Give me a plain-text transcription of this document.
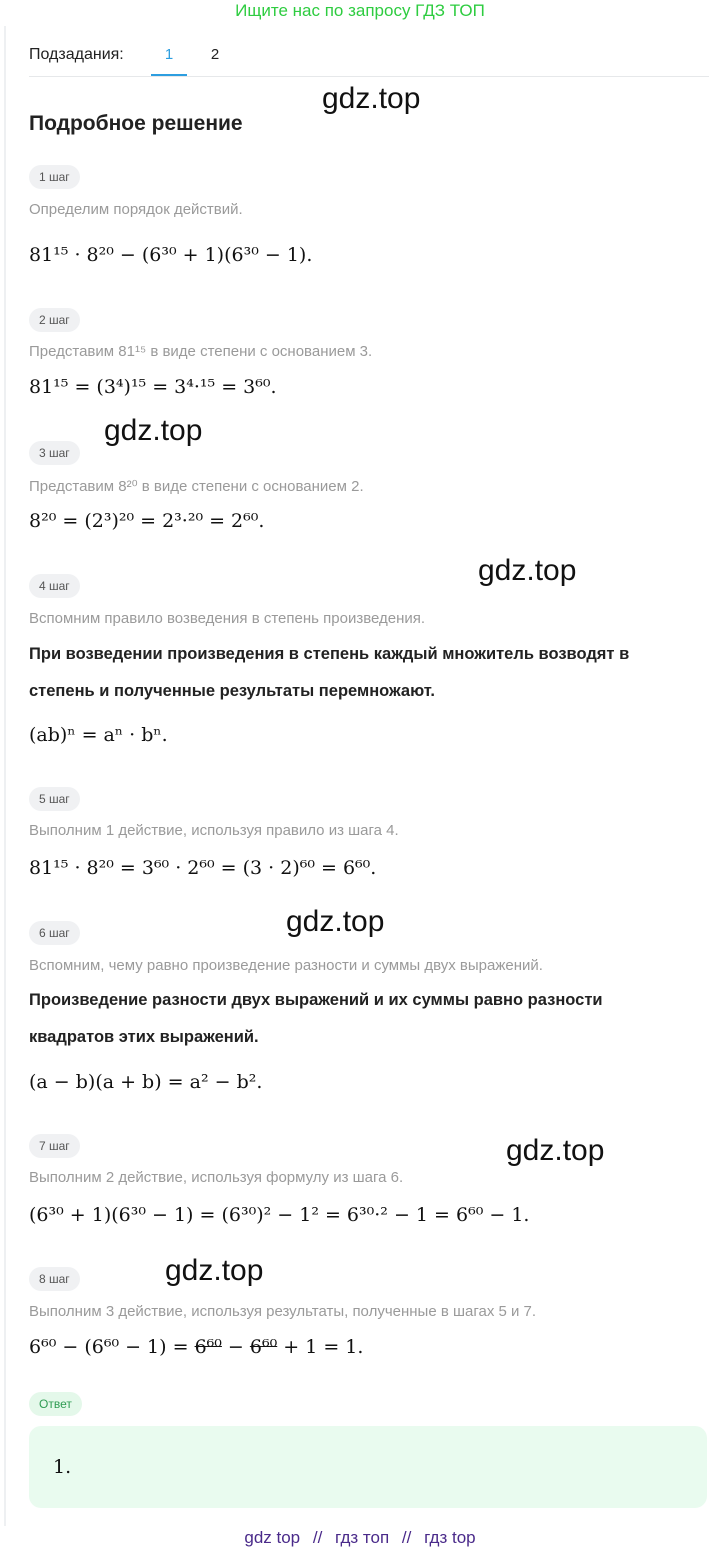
Ищите нас по запросу ГДЗ ТОП
Подзадания:	1	2
Подробное решение
gdz.top
gdz.top
gdz.top
gdz.top
gdz.top
gdz.top
1 шаг
Определим порядок действий.
81¹⁵ · 8²⁰ − (6³⁰ + 1)(6³⁰ − 1).
2 шаг
Представим 81¹⁵ в виде степени с основанием 3.
81¹⁵ = (3⁴)¹⁵ = 3⁴·¹⁵ = 3⁶⁰.
3 шаг
Представим 8²⁰ в виде степени с основанием 2.
8²⁰ = (2³)²⁰ = 2³·²⁰ = 2⁶⁰.
4 шаг
Вспомним правило возведения в степень произведения.
При возведении произведения в степень каждый множитель возводят в
степень и полученные результаты перемножают.
(ab)ⁿ = aⁿ · bⁿ.
5 шаг
Выполним 1 действие, используя правило из шага 4.
81¹⁵ · 8²⁰ = 3⁶⁰ · 2⁶⁰ = (3 · 2)⁶⁰ = 6⁶⁰.
6 шаг
Вспомним, чему равно произведение разности и суммы двух выражений.
Произведение разности двух выражений и их суммы равно разности
квадратов этих выражений.
(a − b)(a + b) = a² − b².
7 шаг
Выполним 2 действие, используя формулу из шага 6.
(6³⁰ + 1)(6³⁰ − 1) = (6³⁰)² − 1² = 6³⁰·² − 1 = 6⁶⁰ − 1.
8 шаг
Выполним 3 действие, используя результаты, полученные в шагах 5 и 7.
6⁶⁰ − (6⁶⁰ − 1) = 6⁶⁰ − 6⁶⁰ + 1 = 1.
Ответ
1.
gdz top // гдз топ // гдз top
